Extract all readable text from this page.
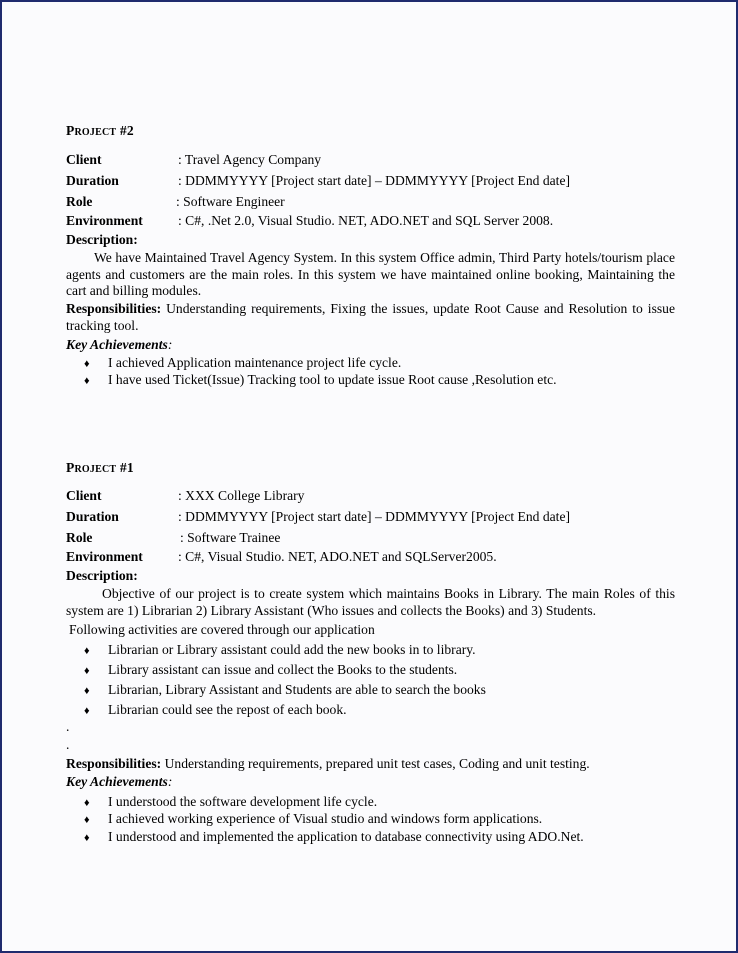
Project #2
Client	: Travel Agency Company
Duration	: DDMMYYYY [Project start date] – DDMMYYYY [Project End date]
Role	: Software Engineer
Environment	: C#, .Net 2.0, Visual Studio. NET, ADO.NET and SQL Server 2008.
Description:
We have Maintained Travel Agency System. In this system Office admin, Third Party hotels/tourism place agents and customers are the main roles. In this system we have maintained online booking, Maintaining the cart and billing modules.
Responsibilities: Understanding requirements, Fixing the issues, update Root Cause and Resolution to issue tracking tool.
Key Achievements:
♦ I achieved Application maintenance project life cycle.
♦ I have used Ticket(Issue) Tracking tool to update issue Root cause ,Resolution etc.
Project #1
Client	: XXX College Library
Duration	: DDMMYYYY [Project start date] – DDMMYYYY [Project End date]
Role	: Software Trainee
Environment	: C#, Visual Studio. NET, ADO.NET and SQLServer2005.
Description:
Objective of our project is to create system which maintains Books in Library. The main Roles of this system are 1) Librarian 2) Library Assistant (Who issues and collects the Books) and 3) Students.
Following activities are covered through our application
♦ Librarian or Library assistant could add the new books in to library.
♦ Library assistant can issue and collect the Books to the students.
♦ Librarian, Library Assistant and Students are able to search the books
♦ Librarian could see the repost of each book.
.
.
Responsibilities: Understanding requirements, prepared unit test cases, Coding and unit testing.
Key Achievements:
♦ I understood the software development life cycle.
♦ I achieved working experience of Visual studio and windows form applications.
♦ I understood and implemented the application to database connectivity using ADO.Net.
